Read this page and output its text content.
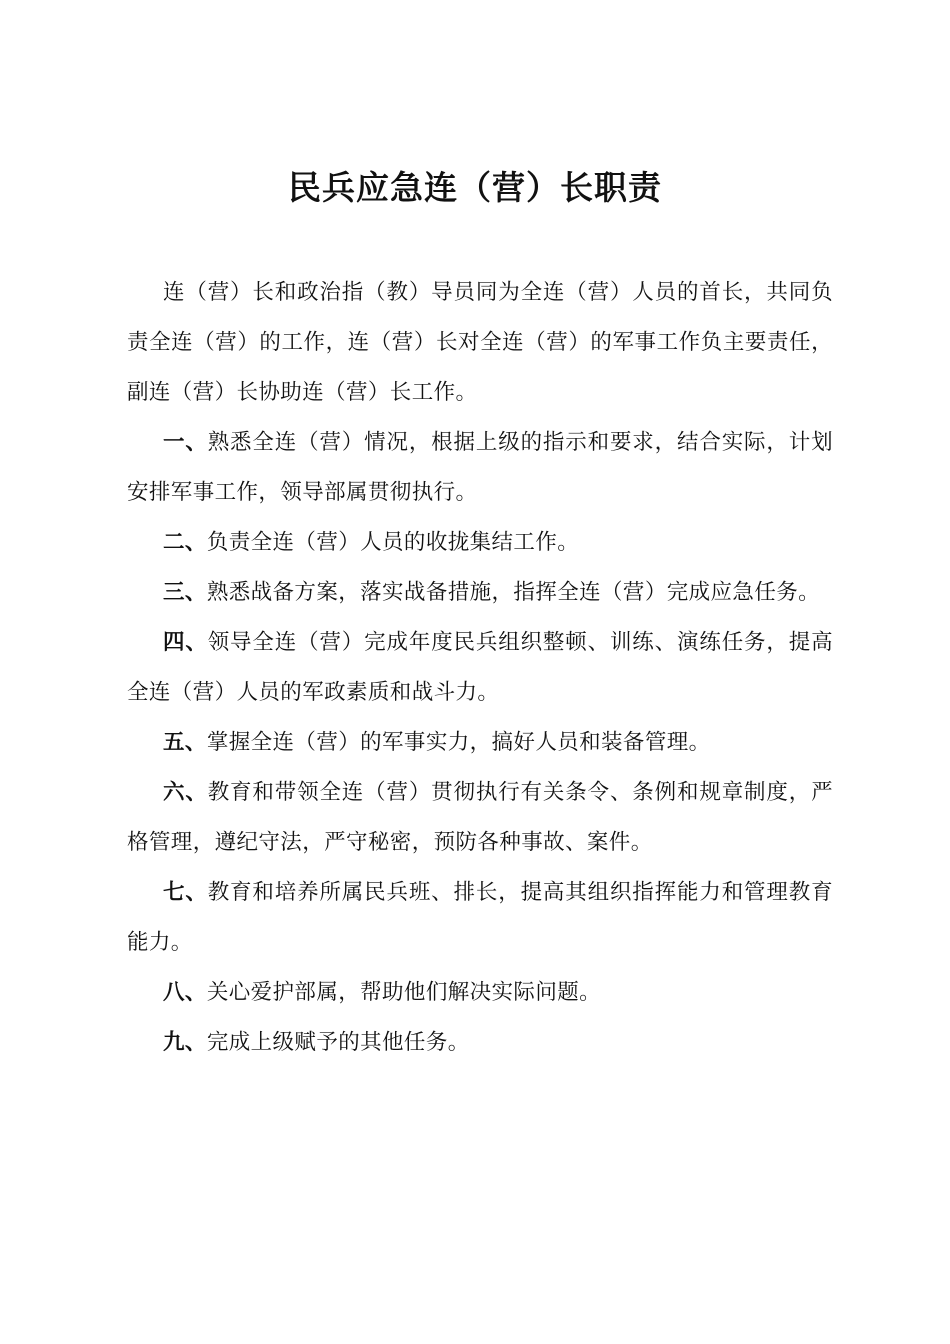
民兵应急连（营）长职责

连（营）长和政治指（教）导员同为全连（营）人员的首长，共同负责全连（营）的工作，连（营）长对全连（营）的军事工作负主要责任，副连（营）长协助连（营）长工作。

一、熟悉全连（营）情况，根据上级的指示和要求，结合实际，计划安排军事工作，领导部属贯彻执行。

二、负责全连（营）人员的收拢集结工作。

三、熟悉战备方案，落实战备措施，指挥全连（营）完成应急任务。

四、领导全连（营）完成年度民兵组织整顿、训练、演练任务，提高全连（营）人员的军政素质和战斗力。

五、掌握全连（营）的军事实力，搞好人员和装备管理。

六、教育和带领全连（营）贯彻执行有关条令、条例和规章制度，严格管理，遵纪守法，严守秘密，预防各种事故、案件。

七、教育和培养所属民兵班、排长，提高其组织指挥能力和管理教育能力。

八、关心爱护部属，帮助他们解决实际问题。

九、完成上级赋予的其他任务。
